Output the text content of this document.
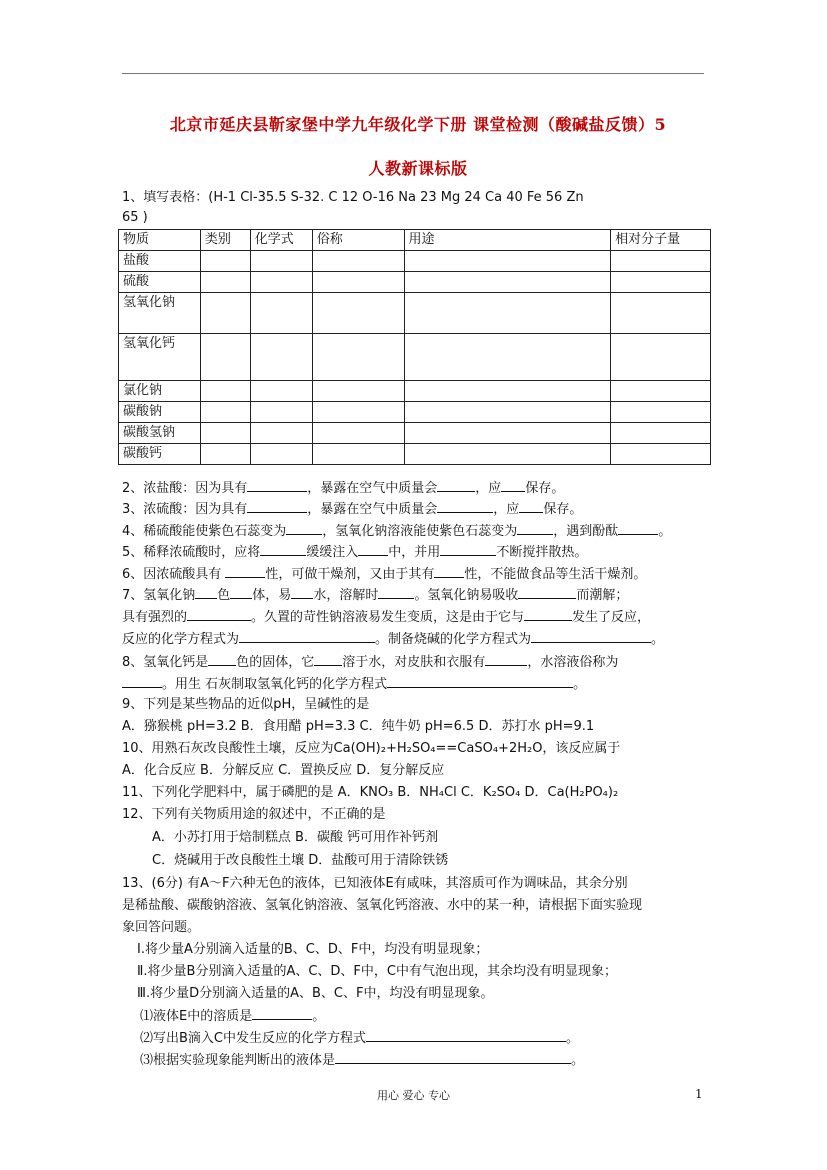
北京市延庆县靳家堡中学九年级化学下册 课堂检测（酸碱盐反馈）5
人教新课标版
1、填写表格：(H-1 Cl-35.5 S-32. C 12 O-16 Na 23 Mg 24 Ca 40 Fe 56 Zn
65 )
物质	类别	化学式	俗称	用途	相对分子量
盐酸					
硫酸					
氢氧化钠					
氢氧化钙					
氯化钠					
碳酸钠					
碳酸氢钠					
碳酸钙					
2、浓盐酸：因为具有	，暴露在空气中质量会	，应 保存。
3、浓硫酸：因为具有	，暴露在空气中质量会	，应 保存。
4、稀硫酸能使紫色石蕊变为	，氢氧化钠溶液能使紫色石蕊变为	，遇到酚酞	。
5、稀释浓硫酸时，应将	缓缓注入 中，并用	不断搅拌散热。
6、因浓硫酸具有	性，可做干燥剂，又由于其有 性，不能做食品等生活干燥剂。
7、氢氧化钠 色 体，易 水，溶解时	。氢氧化钠易吸收	而潮解；
具有强烈的	。久置的苛性钠溶液易发生变质，这是由于它与	发生了反应，
反应的化学方程式为	。制备烧碱的化学方程式为	。
8、氢氧化钙是 色的固体，它 溶于水，对皮肤和衣服有	，水溶液俗称为
。用生 石灰制取氢氧化钙的化学方程式	。
9、下列是某些物品的近似pH，呈碱性的是
A．猕猴桃 pH=3.2 B．食用醋 pH=3.3 C．纯牛奶 pH=6.5 D．苏打水 pH=9.1
10、用熟石灰改良酸性土壤，反应为Ca(OH)₂+H₂SO₄==CaSO₄+2H₂O，该反应属于
A．化合反应 B．分解反应 C．置换反应 D．复分解反应
11、下列化学肥料中，属于磷肥的是 A．KNO₃ B．NH₄Cl C．K₂SO₄ D．Ca(H₂PO₄)₂
12、下列有关物质用途的叙述中，不正确的是
A．小苏打用于焙制糕点 B．碳酸 钙可用作补钙剂
C．烧碱用于改良酸性土壤 D．盐酸可用于清除铁锈
13、(6分) 有A～F六种无色的液体，已知液体E有咸味，其溶质可作为调味品，其余分别
是稀盐酸、碳酸钠溶液、氢氧化钠溶液、氢氧化钙溶液、水中的某一种，请根据下面实验现
象回答问题。
Ⅰ.将少量A分别滴入适量的B、C、D、F中，均没有明显现象；
Ⅱ.将少量B分别滴入适量的A、C、D、F中，C中有气泡出现，其余均没有明显现象；
Ⅲ.将少量D分别滴入适量的A、B、C、F中，均没有明显现象。
⑴液体E中的溶质是	。
⑵写出B滴入C中发生反应的化学方程式	。
⑶根据实验现象能判断出的液体是	。
用心 爱心 专心	1
